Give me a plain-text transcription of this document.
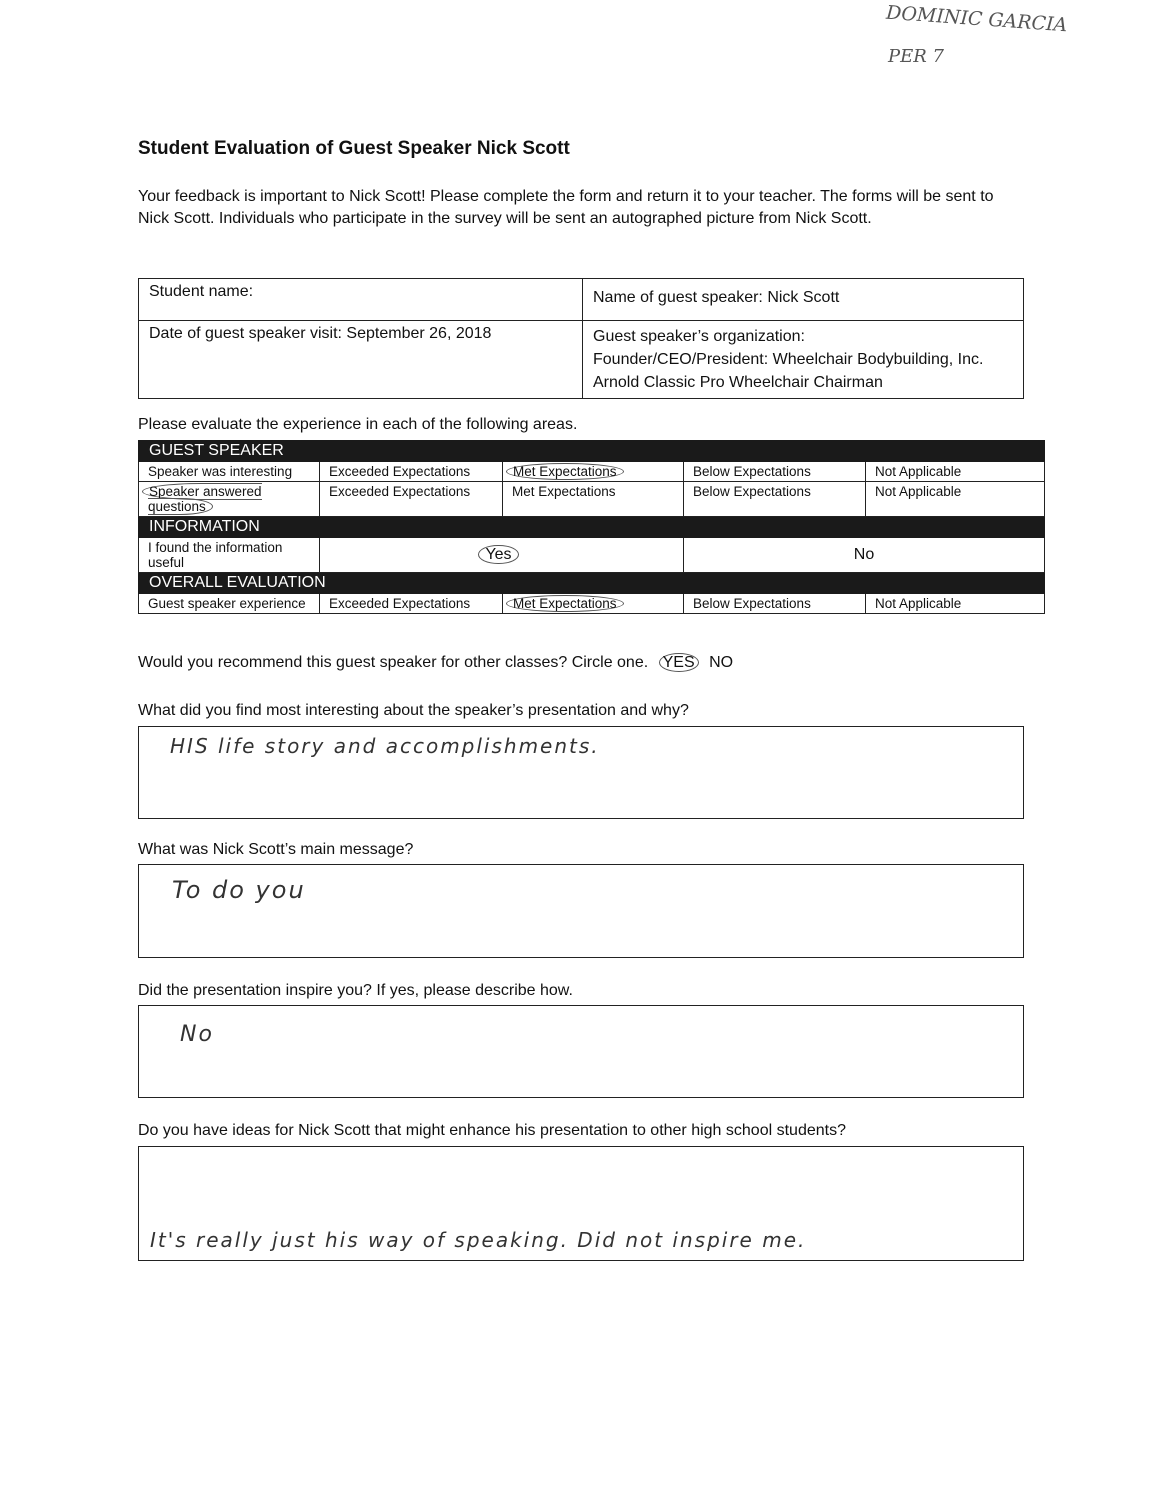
DOMINIC GARCIA
PER 7
Student Evaluation of Guest Speaker Nick Scott
Your feedback is important to Nick Scott! Please complete the form and return it to your teacher. The forms will be sent to Nick Scott. Individuals who participate in the survey will be sent an autographed picture from Nick Scott.
Student name:	Name of guest speaker: Nick Scott
Date of guest speaker visit: September 26, 2018	Guest speaker’s organization:
Founder/CEO/President: Wheelchair Bodybuilding, Inc.
Arnold Classic Pro Wheelchair Chairman
Please evaluate the experience in each of the following areas.
GUEST SPEAKER				
Speaker was interesting	Exceeded Expectations	Met Expectations	Below Expectations	Not Applicable
Speaker answered questions	Exceeded Expectations	Met Expectations	Below Expectations	Not Applicable
INFORMATION				
I found the information useful	Yes		No	
OVERALL EVALUATION				
Guest speaker experience	Exceeded Expectations	Met Expectations	Below Expectations	Not Applicable
Would you recommend this guest speaker for other classes? Circle one. YES NO
What did you find most interesting about the speaker’s presentation and why?
HIS life story and accomplishments.
What was Nick Scott’s main message?
To do you
Did the presentation inspire you? If yes, please describe how.
No
Do you have ideas for Nick Scott that might enhance his presentation to other high school students?
It's really just his way of speaking. Did not inspire me.
